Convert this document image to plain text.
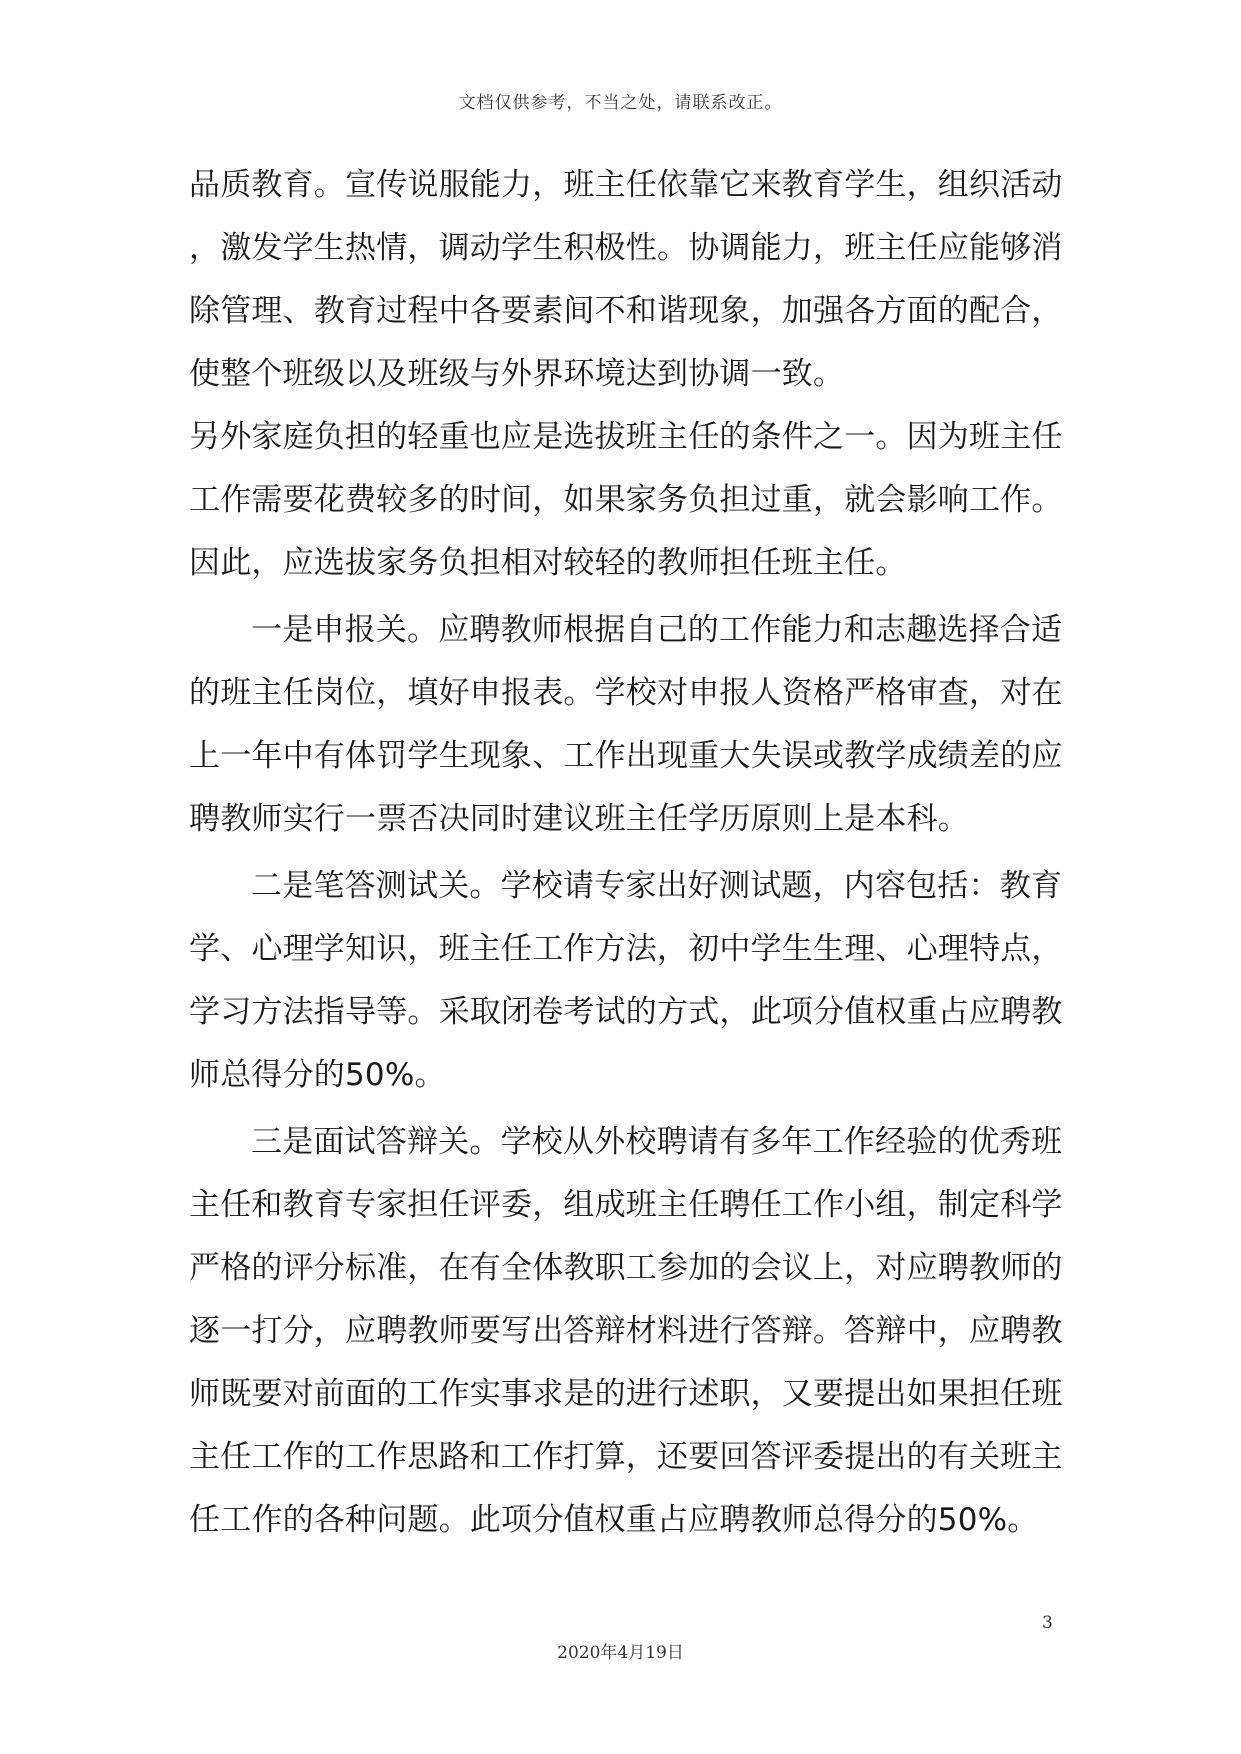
文档仅供参考，不当之处，请联系改正。
品质教育。宣传说服能力，班主任依靠它来教育学生，组织活动
，激发学生热情，调动学生积极性。协调能力，班主任应能够消
除管理、教育过程中各要素间不和谐现象，加强各方面的配合，
使整个班级以及班级与外界环境达到协调一致。
另外家庭负担的轻重也应是选拔班主任的条件之一。因为班主任
工作需要花费较多的时间，如果家务负担过重，就会影响工作。
因此，应选拔家务负担相对较轻的教师担任班主任。
一是申报关。应聘教师根据自己的工作能力和志趣选择合适
的班主任岗位，填好申报表。学校对申报人资格严格审查，对在
上一年中有体罚学生现象、工作出现重大失误或教学成绩差的应
聘教师实行一票否决同时建议班主任学历原则上是本科。
二是笔答测试关。学校请专家出好测试题，内容包括：教育
学、心理学知识，班主任工作方法，初中学生生理、心理特点，
学习方法指导等。采取闭卷考试的方式，此项分值权重占应聘教
师总得分的50%。
三是面试答辩关。学校从外校聘请有多年工作经验的优秀班
主任和教育专家担任评委，组成班主任聘任工作小组，制定科学
严格的评分标准，在有全体教职工参加的会议上，对应聘教师的
逐一打分，应聘教师要写出答辩材料进行答辩。答辩中，应聘教
师既要对前面的工作实事求是的进行述职，又要提出如果担任班
主任工作的工作思路和工作打算，还要回答评委提出的有关班主
任工作的各种问题。此项分值权重占应聘教师总得分的50%。
3
2020年4月19日
